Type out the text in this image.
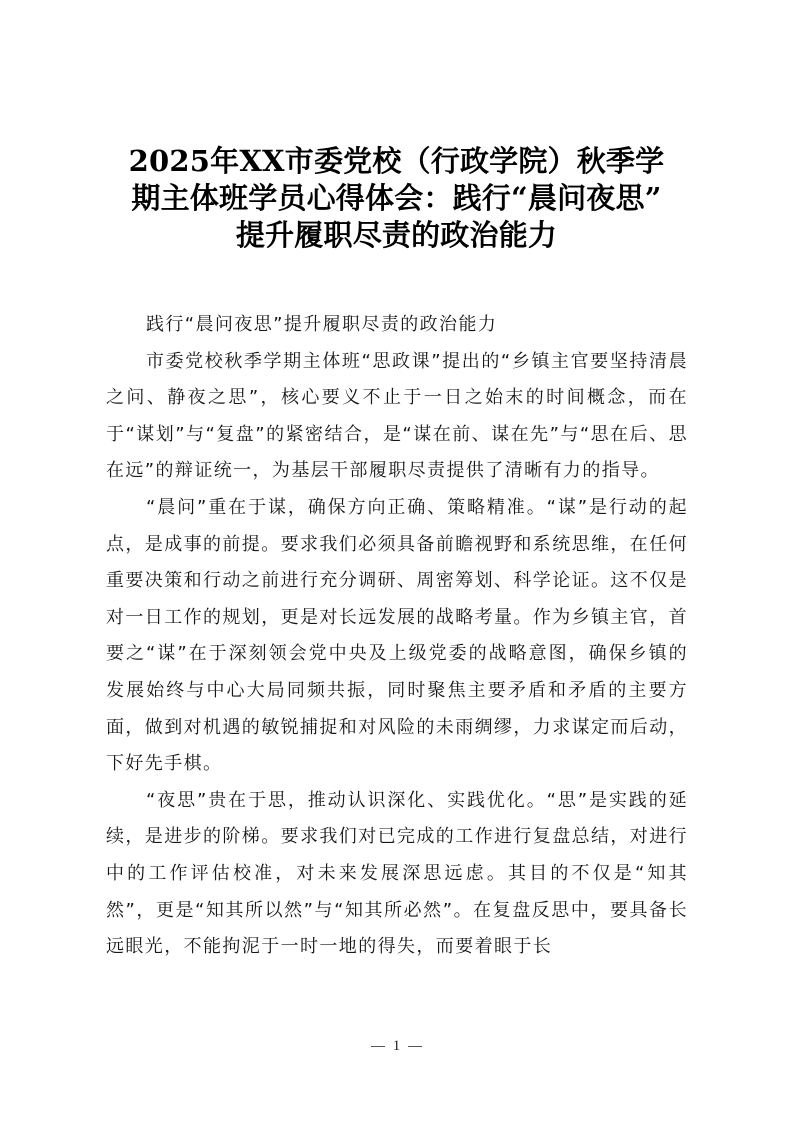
2025年XX市委党校（行政学院）秋季学
期主体班学员心得体会：践行“晨问夜思”
提升履职尽责的政治能力

践行“晨问夜思”提升履职尽责的政治能力

市委党校秋季学期主体班“思政课”提出的“乡镇主官要坚持清晨之问、静夜之思”，核心要义不止于一日之始末的时间概念，而在于“谋划”与“复盘”的紧密结合，是“谋在前、谋在先”与“思在后、思在远”的辩证统一，为基层干部履职尽责提供了清晰有力的指导。

“晨问”重在于谋，确保方向正确、策略精准。“谋”是行动的起点，是成事的前提。要求我们必须具备前瞻视野和系统思维，在任何重要决策和行动之前进行充分调研、周密筹划、科学论证。这不仅是对一日工作的规划，更是对长远发展的战略考量。作为乡镇主官，首要之“谋”在于深刻领会党中央及上级党委的战略意图，确保乡镇的发展始终与中心大局同频共振，同时聚焦主要矛盾和矛盾的主要方面，做到对机遇的敏锐捕捉和对风险的未雨绸缪，力求谋定而后动，下好先手棋。

“夜思”贵在于思，推动认识深化、实践优化。“思”是实践的延续，是进步的阶梯。要求我们对已完成的工作进行复盘总结，对进行中的工作评估校准，对未来发展深思远虑。其目的不仅是“知其然”，更是“知其所以然”与“知其所必然”。在复盘反思中，要具备长远眼光，不能拘泥于一时一地的得失，而要着眼于长

1
